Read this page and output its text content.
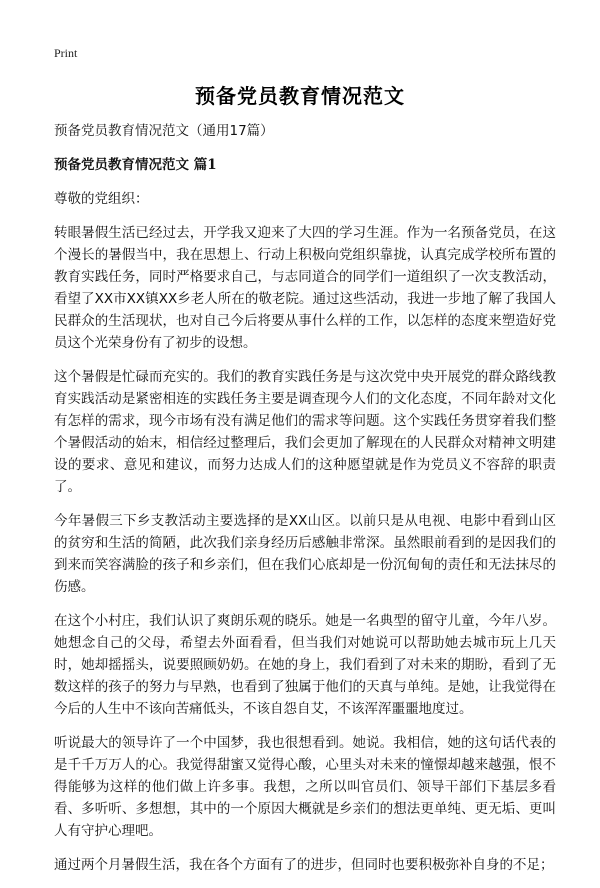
Print
预备党员教育情况范文

预备党员教育情况范文（通用17篇）

预备党员教育情况范文 篇1

尊敬的党组织：

转眼暑假生活已经过去，开学我又迎来了大四的学习生涯。作为一名预备党员，在这个漫长的暑假当中，我在思想上、行动上积极向党组织靠拢，认真完成学校所布置的教育实践任务，同时严格要求自己，与志同道合的同学们一道组织了一次支教活动，看望了XX市XX镇XX乡老人所在的敬老院。通过这些活动，我进一步地了解了我国人民群众的生活现状，也对自己今后将要从事什么样的工作，以怎样的态度来塑造好党员这个光荣身份有了初步的设想。

这个暑假是忙碌而充实的。我们的教育实践任务是与这次党中央开展党的群众路线教育实践活动是紧密相连的实践任务主要是调查现今人们的文化态度，不同年龄对文化有怎样的需求，现今市场有没有满足他们的需求等问题。这个实践任务贯穿着我们整个暑假活动的始末，相信经过整理后，我们会更加了解现在的人民群众对精神文明建设的要求、意见和建议，而努力达成人们的这种愿望就是作为党员义不容辞的职责了。

今年暑假三下乡支教活动主要选择的是XX山区。以前只是从电视、电影中看到山区的贫穷和生活的简陋，此次我们亲身经历后感触非常深。虽然眼前看到的是因我们的到来而笑容满脸的孩子和乡亲们，但在我们心底却是一份沉甸甸的责任和无法抹尽的伤感。

在这个小村庄，我们认识了爽朗乐观的晓乐。她是一名典型的留守儿童，今年八岁。她想念自己的父母，希望去外面看看，但当我们对她说可以帮助她去城市玩上几天时，她却摇摇头，说要照顾奶奶。在她的身上，我们看到了对未来的期盼，看到了无数这样的孩子的努力与早熟，也看到了独属于他们的天真与单纯。是她，让我觉得在今后的人生中不该向苦痛低头，不该自怨自艾，不该浑浑噩噩地度过。

听说最大的领导许了一个中国梦，我也很想看到。她说。我相信，她的这句话代表的是千千万万人的心。我觉得甜蜜又觉得心酸，心里头对未来的憧憬却越来越强，恨不得能够为这样的他们做上许多事。我想，之所以叫官员们、领导干部们下基层多看看、多听听、多想想，其中的一个原因大概就是乡亲们的想法更单纯、更无垢、更叫人有守护心理吧。

通过两个月暑假生活，我在各个方面有了的进步，但同时也要积极弥补自身的不足；
